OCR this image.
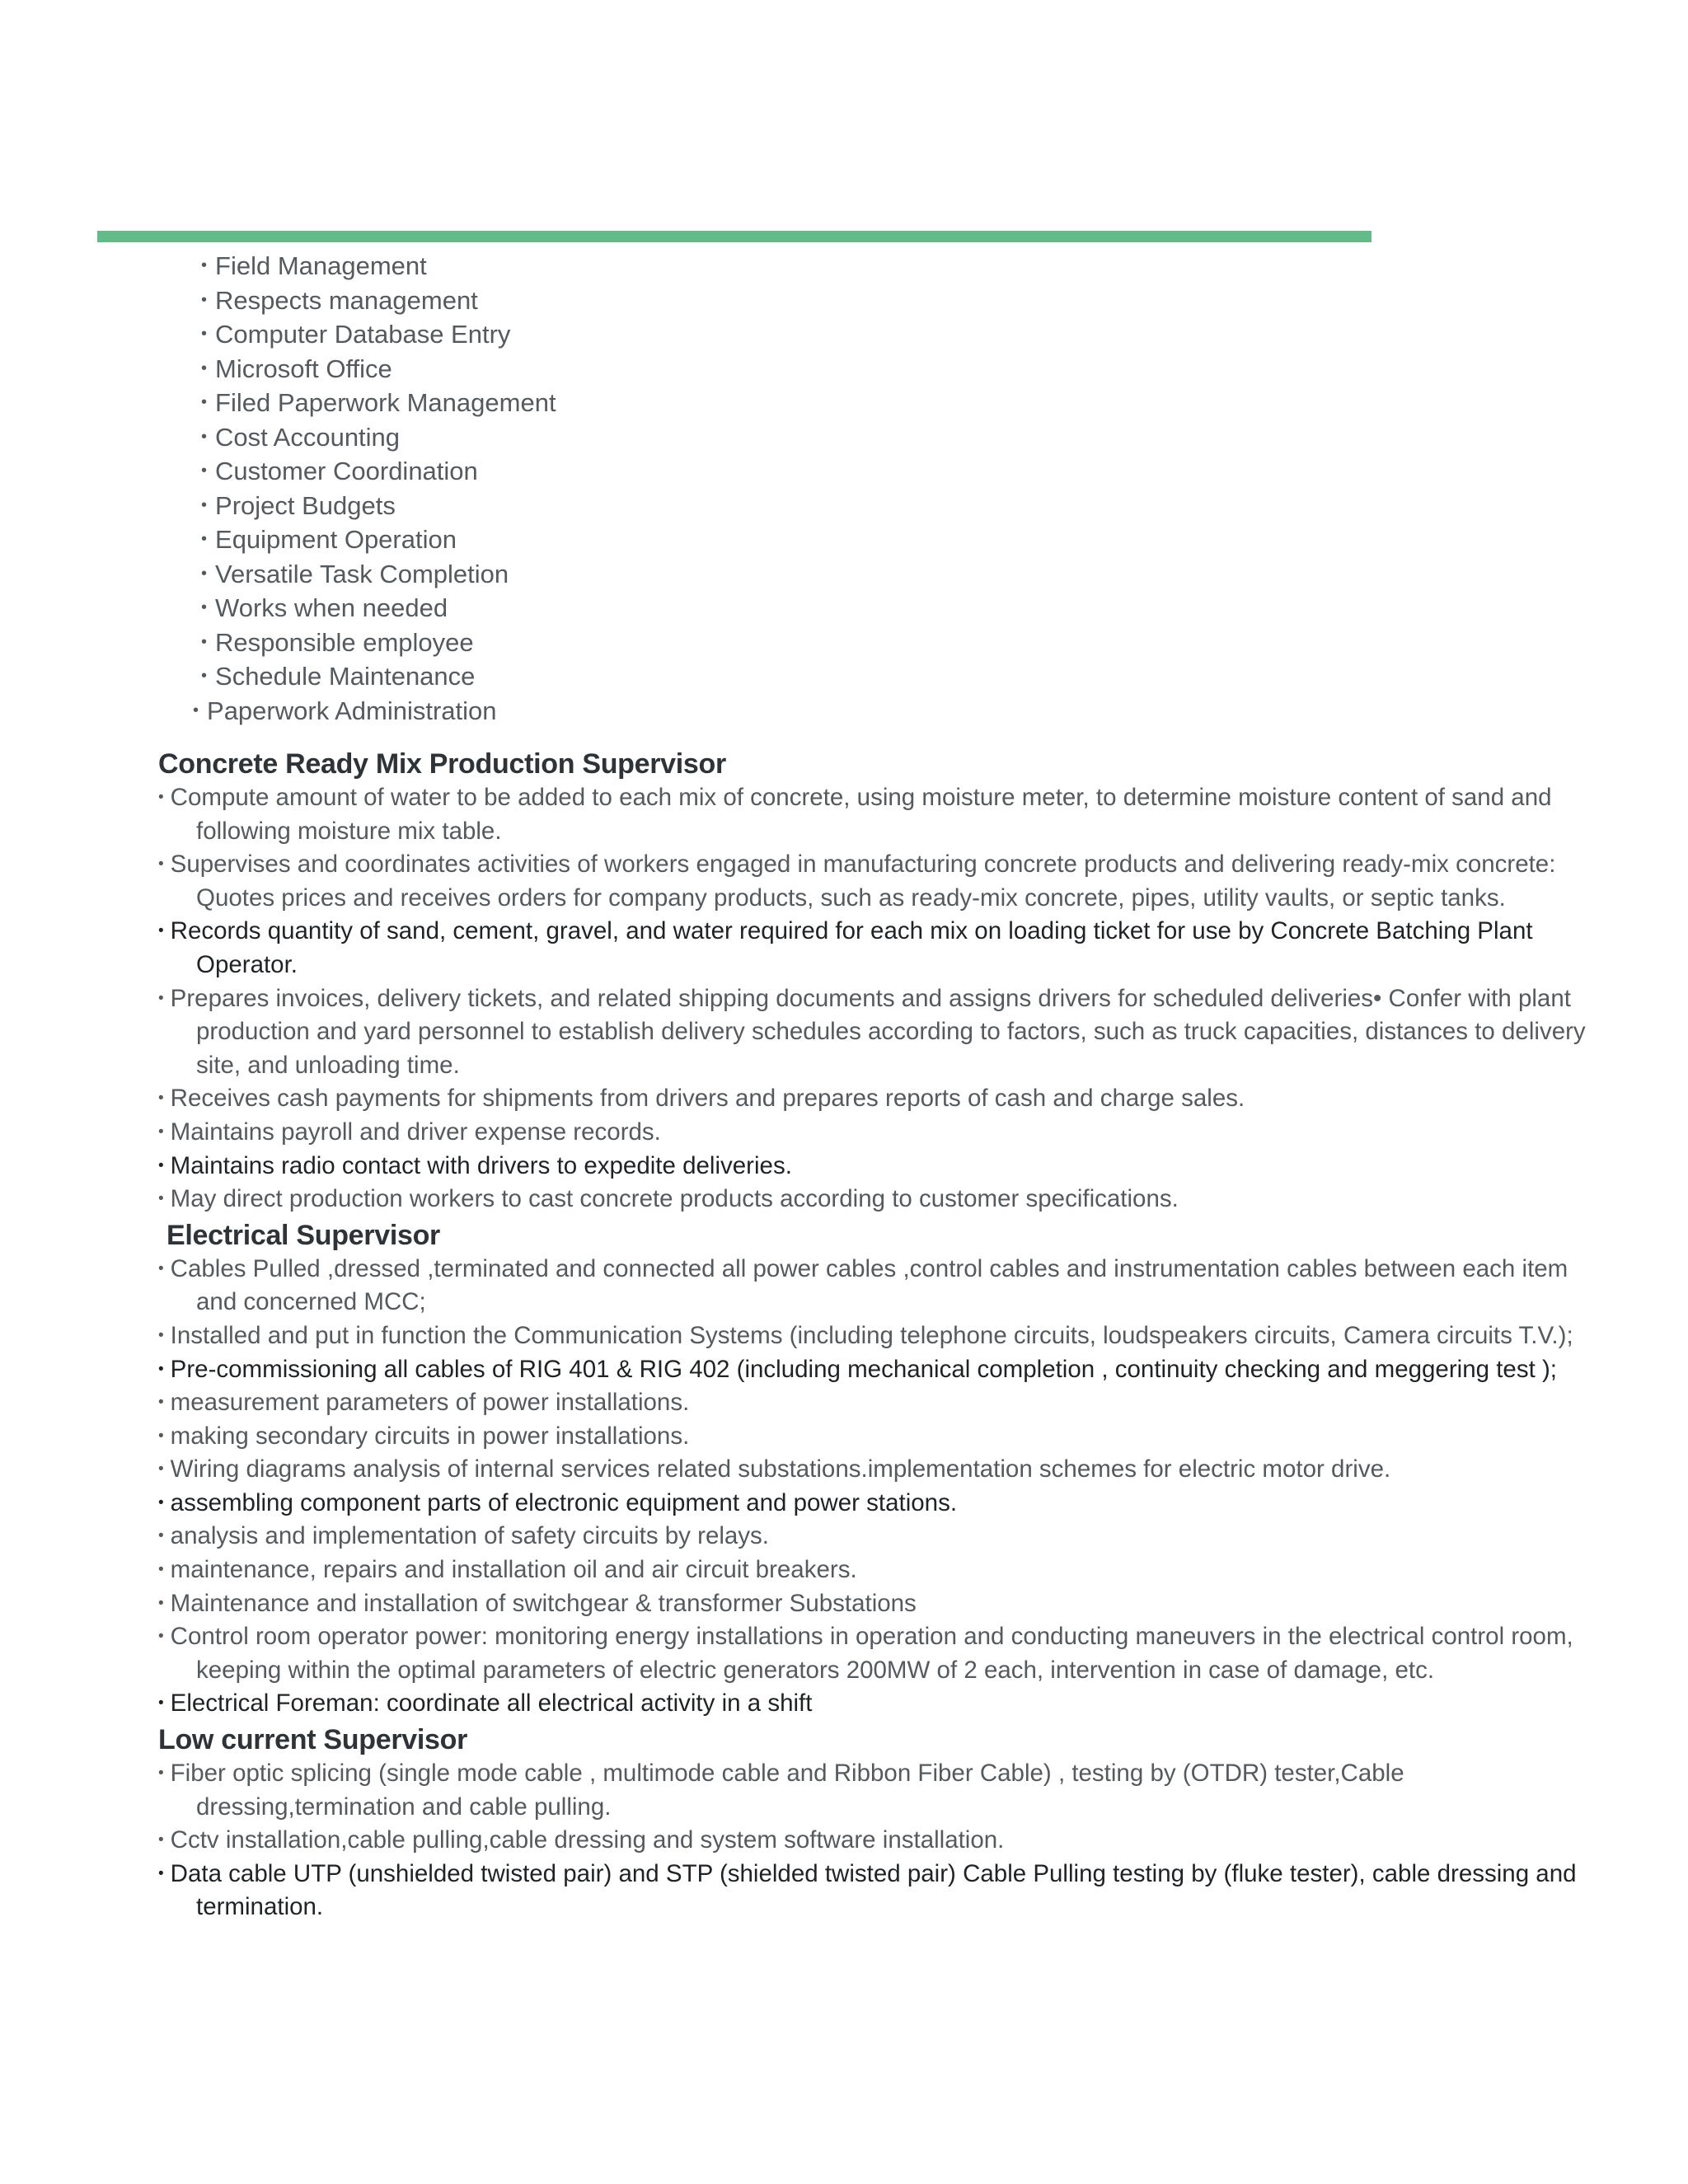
• Field Management
• Respects management
• Computer Database Entry
• Microsoft Office
• Filed Paperwork Management
• Cost Accounting
• Customer Coordination
• Project Budgets
• Equipment Operation
• Versatile Task Completion
• Works when needed
• Responsible employee
• Schedule Maintenance
• Paperwork Administration
Concrete Ready Mix Production Supervisor
• Compute amount of water to be added to each mix of concrete, using moisture meter, to determine moisture content of sand and following moisture mix table.
• Supervises and coordinates activities of workers engaged in manufacturing concrete products and delivering ready-mix concrete: Quotes prices and receives orders for company products, such as ready-mix concrete, pipes, utility vaults, or septic tanks.
• Records quantity of sand, cement, gravel, and water required for each mix on loading ticket for use by Concrete Batching Plant Operator.
• Prepares invoices, delivery tickets, and related shipping documents and assigns drivers for scheduled deliveries• Confer with plant production and yard personnel to establish delivery schedules according to factors, such as truck capacities, distances to delivery site, and unloading time.
• Receives cash payments for shipments from drivers and prepares reports of cash and charge sales.
• Maintains payroll and driver expense records.
• Maintains radio contact with drivers to expedite deliveries.
• May direct production workers to cast concrete products according to customer specifications.
Electrical Supervisor
• Cables Pulled ,dressed ,terminated and connected all power cables ,control cables and instrumentation cables between each item and concerned MCC;
• Installed and put in function the Communication Systems (including telephone circuits, loudspeakers circuits, Camera circuits T.V.);
• Pre-commissioning all cables of RIG 401 & RIG 402 (including mechanical completion , continuity checking and meggering test );
• measurement parameters of power installations.
• making secondary circuits in power installations.
• Wiring diagrams analysis of internal services related substations.implementation schemes for electric motor drive.
• assembling component parts of electronic equipment and power stations.
• analysis and implementation of safety circuits by relays.
• maintenance, repairs and installation oil and air circuit breakers.
• Maintenance and installation of switchgear & transformer Substations
• Control room operator power: monitoring energy installations in operation and conducting maneuvers in the electrical control room, keeping within the optimal parameters of electric generators 200MW of 2 each, intervention in case of damage, etc.
• Electrical Foreman: coordinate all electrical activity in a shift
Low current Supervisor
• Fiber optic splicing (single mode cable , multimode cable and Ribbon Fiber Cable) , testing by (OTDR) tester,Cable dressing,termination and cable pulling.
• Cctv installation,cable pulling,cable dressing and system software installation.
• Data cable UTP (unshielded twisted pair) and STP (shielded twisted pair) Cable Pulling testing by (fluke tester), cable dressing and termination.
